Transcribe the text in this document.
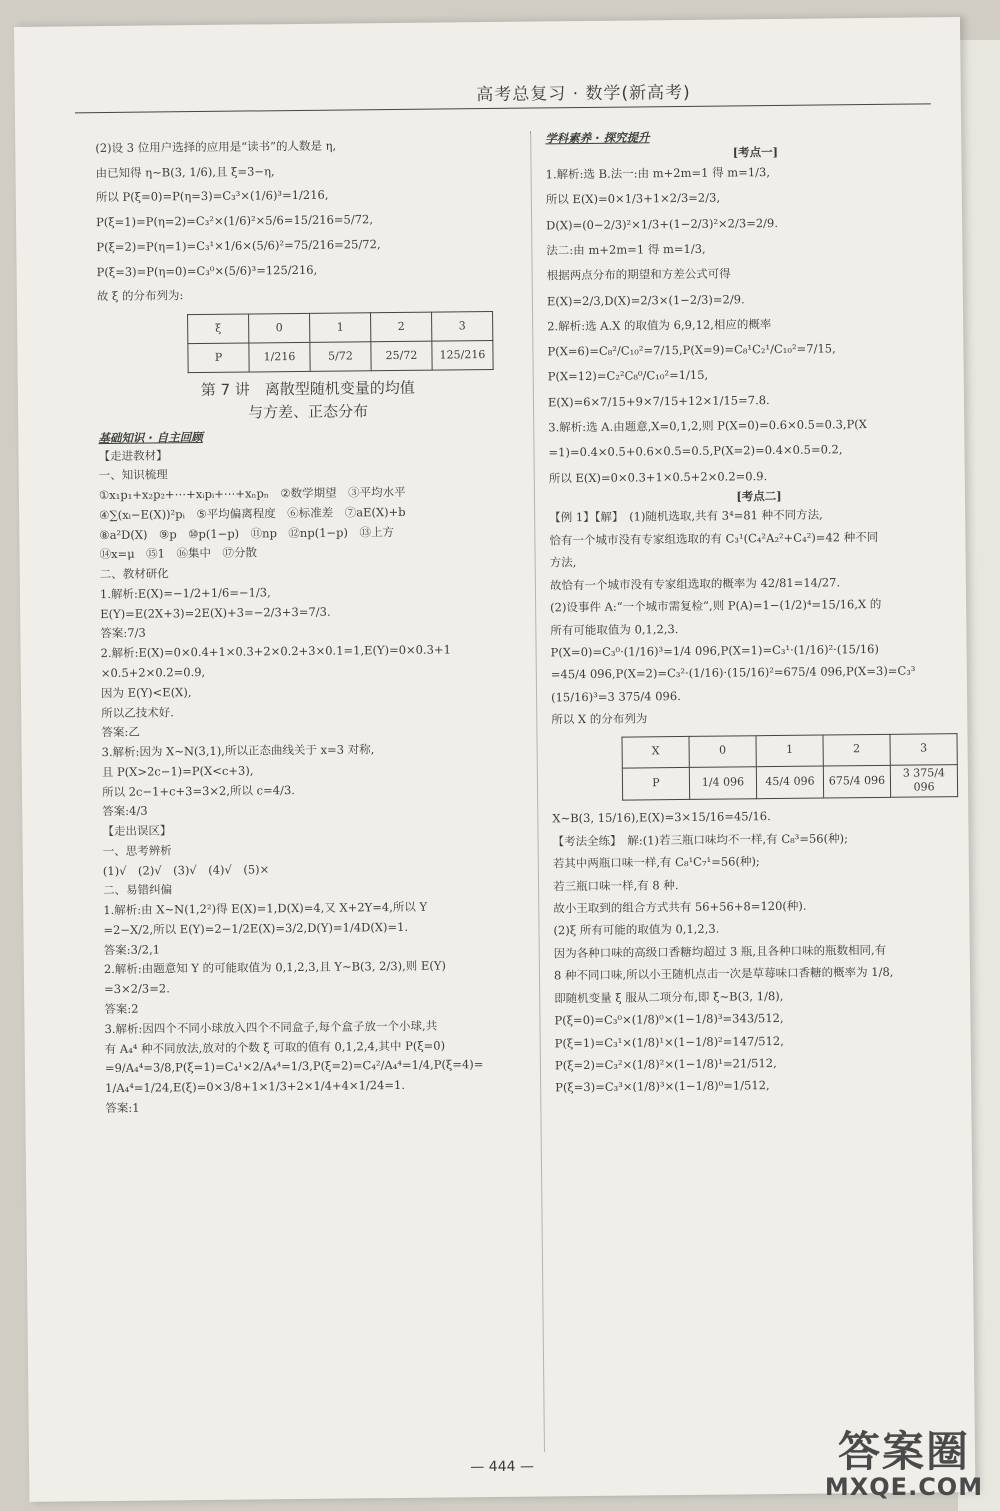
高考总复习 · 数学(新高考)
(2)设 3 位用户选择的应用是“读书”的人数是 η,
由已知得 η~B(3, 1/6),且 ξ=3−η,
所以 P(ξ=0)=P(η=3)=C₃³×(1/6)³=1/216,
P(ξ=1)=P(η=2)=C₃²×(1/6)²×5/6=15/216=5/72,
P(ξ=2)=P(η=1)=C₃¹×1/6×(5/6)²=75/216=25/72,
P(ξ=3)=P(η=0)=C₃⁰×(5/6)³=125/216,
故 ξ 的分布列为:
ξ	0	1	2	3
P	1/216	5/72	25/72	125/216
第 7 讲　离散型随机变量的均值
与方差、正态分布
基础知识 · 自主回顾
【走进教材】
一、知识梳理
①x₁p₁+x₂p₂+⋯+xᵢpᵢ+⋯+xₙpₙ　②数学期望　③平均水平
④∑(xᵢ−E(X))²pᵢ　⑤平均偏离程度　⑥标准差　⑦aE(X)+b
⑧a²D(X)　⑨p　⑩p(1−p)　⑪np　⑫np(1−p)　⑬上方
⑭x=μ　⑮1　⑯集中　⑰分散
二、教材研化
1.解析:E(X)=−1/2+1/6=−1/3,
E(Y)=E(2X+3)=2E(X)+3=−2/3+3=7/3.
答案:7/3
2.解析:E(X)=0×0.4+1×0.3+2×0.2+3×0.1=1,E(Y)=0×0.3+1
×0.5+2×0.2=0.9,
因为 E(Y)<E(X),
所以乙技术好.
答案:乙
3.解析:因为 X~N(3,1),所以正态曲线关于 x=3 对称,
且 P(X>2c−1)=P(X<c+3),
所以 2c−1+c+3=3×2,所以 c=4/3.
答案:4/3
【走出误区】
一、思考辨析
(1)√　(2)√　(3)√　(4)√　(5)×
二、易错纠偏
1.解析:由 X~N(1,2²)得 E(X)=1,D(X)=4,又 X+2Y=4,所以 Y
=2−X/2,所以 E(Y)=2−1/2E(X)=3/2,D(Y)=1/4D(X)=1.
答案:3/2,1
2.解析:由题意知 Y 的可能取值为 0,1,2,3,且 Y~B(3, 2/3),则 E(Y)
=3×2/3=2.
答案:2
3.解析:因四个不同小球放入四个不同盒子,每个盒子放一个小球,共
有 A₄⁴ 种不同放法,放对的个数 ξ 可取的值有 0,1,2,4,其中 P(ξ=0)
=9/A₄⁴=3/8,P(ξ=1)=C₄¹×2/A₄⁴=1/3,P(ξ=2)=C₄²/A₄⁴=1/4,P(ξ=4)=
1/A₄⁴=1/24,E(ξ)=0×3/8+1×1/3+2×1/4+4×1/24=1.
答案:1
学科素养 · 探究提升
[考点一]
1.解析:选 B.法一:由 m+2m=1 得 m=1/3,
所以 E(X)=0×1/3+1×2/3=2/3,
D(X)=(0−2/3)²×1/3+(1−2/3)²×2/3=2/9.
法二:由 m+2m=1 得 m=1/3,
根据两点分布的期望和方差公式可得
E(X)=2/3,D(X)=2/3×(1−2/3)=2/9.
2.解析:选 A.X 的取值为 6,9,12,相应的概率
P(X=6)=C₈²/C₁₀²=7/15,P(X=9)=C₈¹C₂¹/C₁₀²=7/15,
P(X=12)=C₂²C₈⁰/C₁₀²=1/15,
E(X)=6×7/15+9×7/15+12×1/15=7.8.
3.解析:选 A.由题意,X=0,1,2,则 P(X=0)=0.6×0.5=0.3,P(X
=1)=0.4×0.5+0.6×0.5=0.5,P(X=2)=0.4×0.5=0.2,
所以 E(X)=0×0.3+1×0.5+2×0.2=0.9.
[考点二]
【例 1】【解】　(1)随机选取,共有 3⁴=81 种不同方法,
恰有一个城市没有专家组选取的有 C₃¹(C₄²A₂²+C₄²)=42 种不同
方法,
故恰有一个城市没有专家组选取的概率为 42/81=14/27.
(2)设事件 A:“一个城市需复检”,则 P(A)=1−(1/2)⁴=15/16,X 的
所有可能取值为 0,1,2,3.
P(X=0)=C₃⁰·(1/16)³=1/4 096,P(X=1)=C₃¹·(1/16)²·(15/16)
=45/4 096,P(X=2)=C₃²·(1/16)·(15/16)²=675/4 096,P(X=3)=C₃³
(15/16)³=3 375/4 096.
所以 X 的分布列为
X	0	1	2	3
P	1/4 096	45/4 096	675/4 096	3 375/4 096
X~B(3, 15/16),E(X)=3×15/16=45/16.
【考法全练】　解:(1)若三瓶口味均不一样,有 C₈³=56(种);
若其中两瓶口味一样,有 C₈¹C₇¹=56(种);
若三瓶口味一样,有 8 种.
故小王取到的组合方式共有 56+56+8=120(种).
(2)ξ 所有可能的取值为 0,1,2,3.
因为各种口味的高级口香糖均超过 3 瓶,且各种口味的瓶数相同,有
8 种不同口味,所以小王随机点击一次是草莓味口香糖的概率为 1/8,
即随机变量 ξ 服从二项分布,即 ξ~B(3, 1/8),
P(ξ=0)=C₃⁰×(1/8)⁰×(1−1/8)³=343/512,
P(ξ=1)=C₃¹×(1/8)¹×(1−1/8)²=147/512,
P(ξ=2)=C₃²×(1/8)²×(1−1/8)¹=21/512,
P(ξ=3)=C₃³×(1/8)³×(1−1/8)⁰=1/512,
— 444 —	答案圈
MXQE.COM
